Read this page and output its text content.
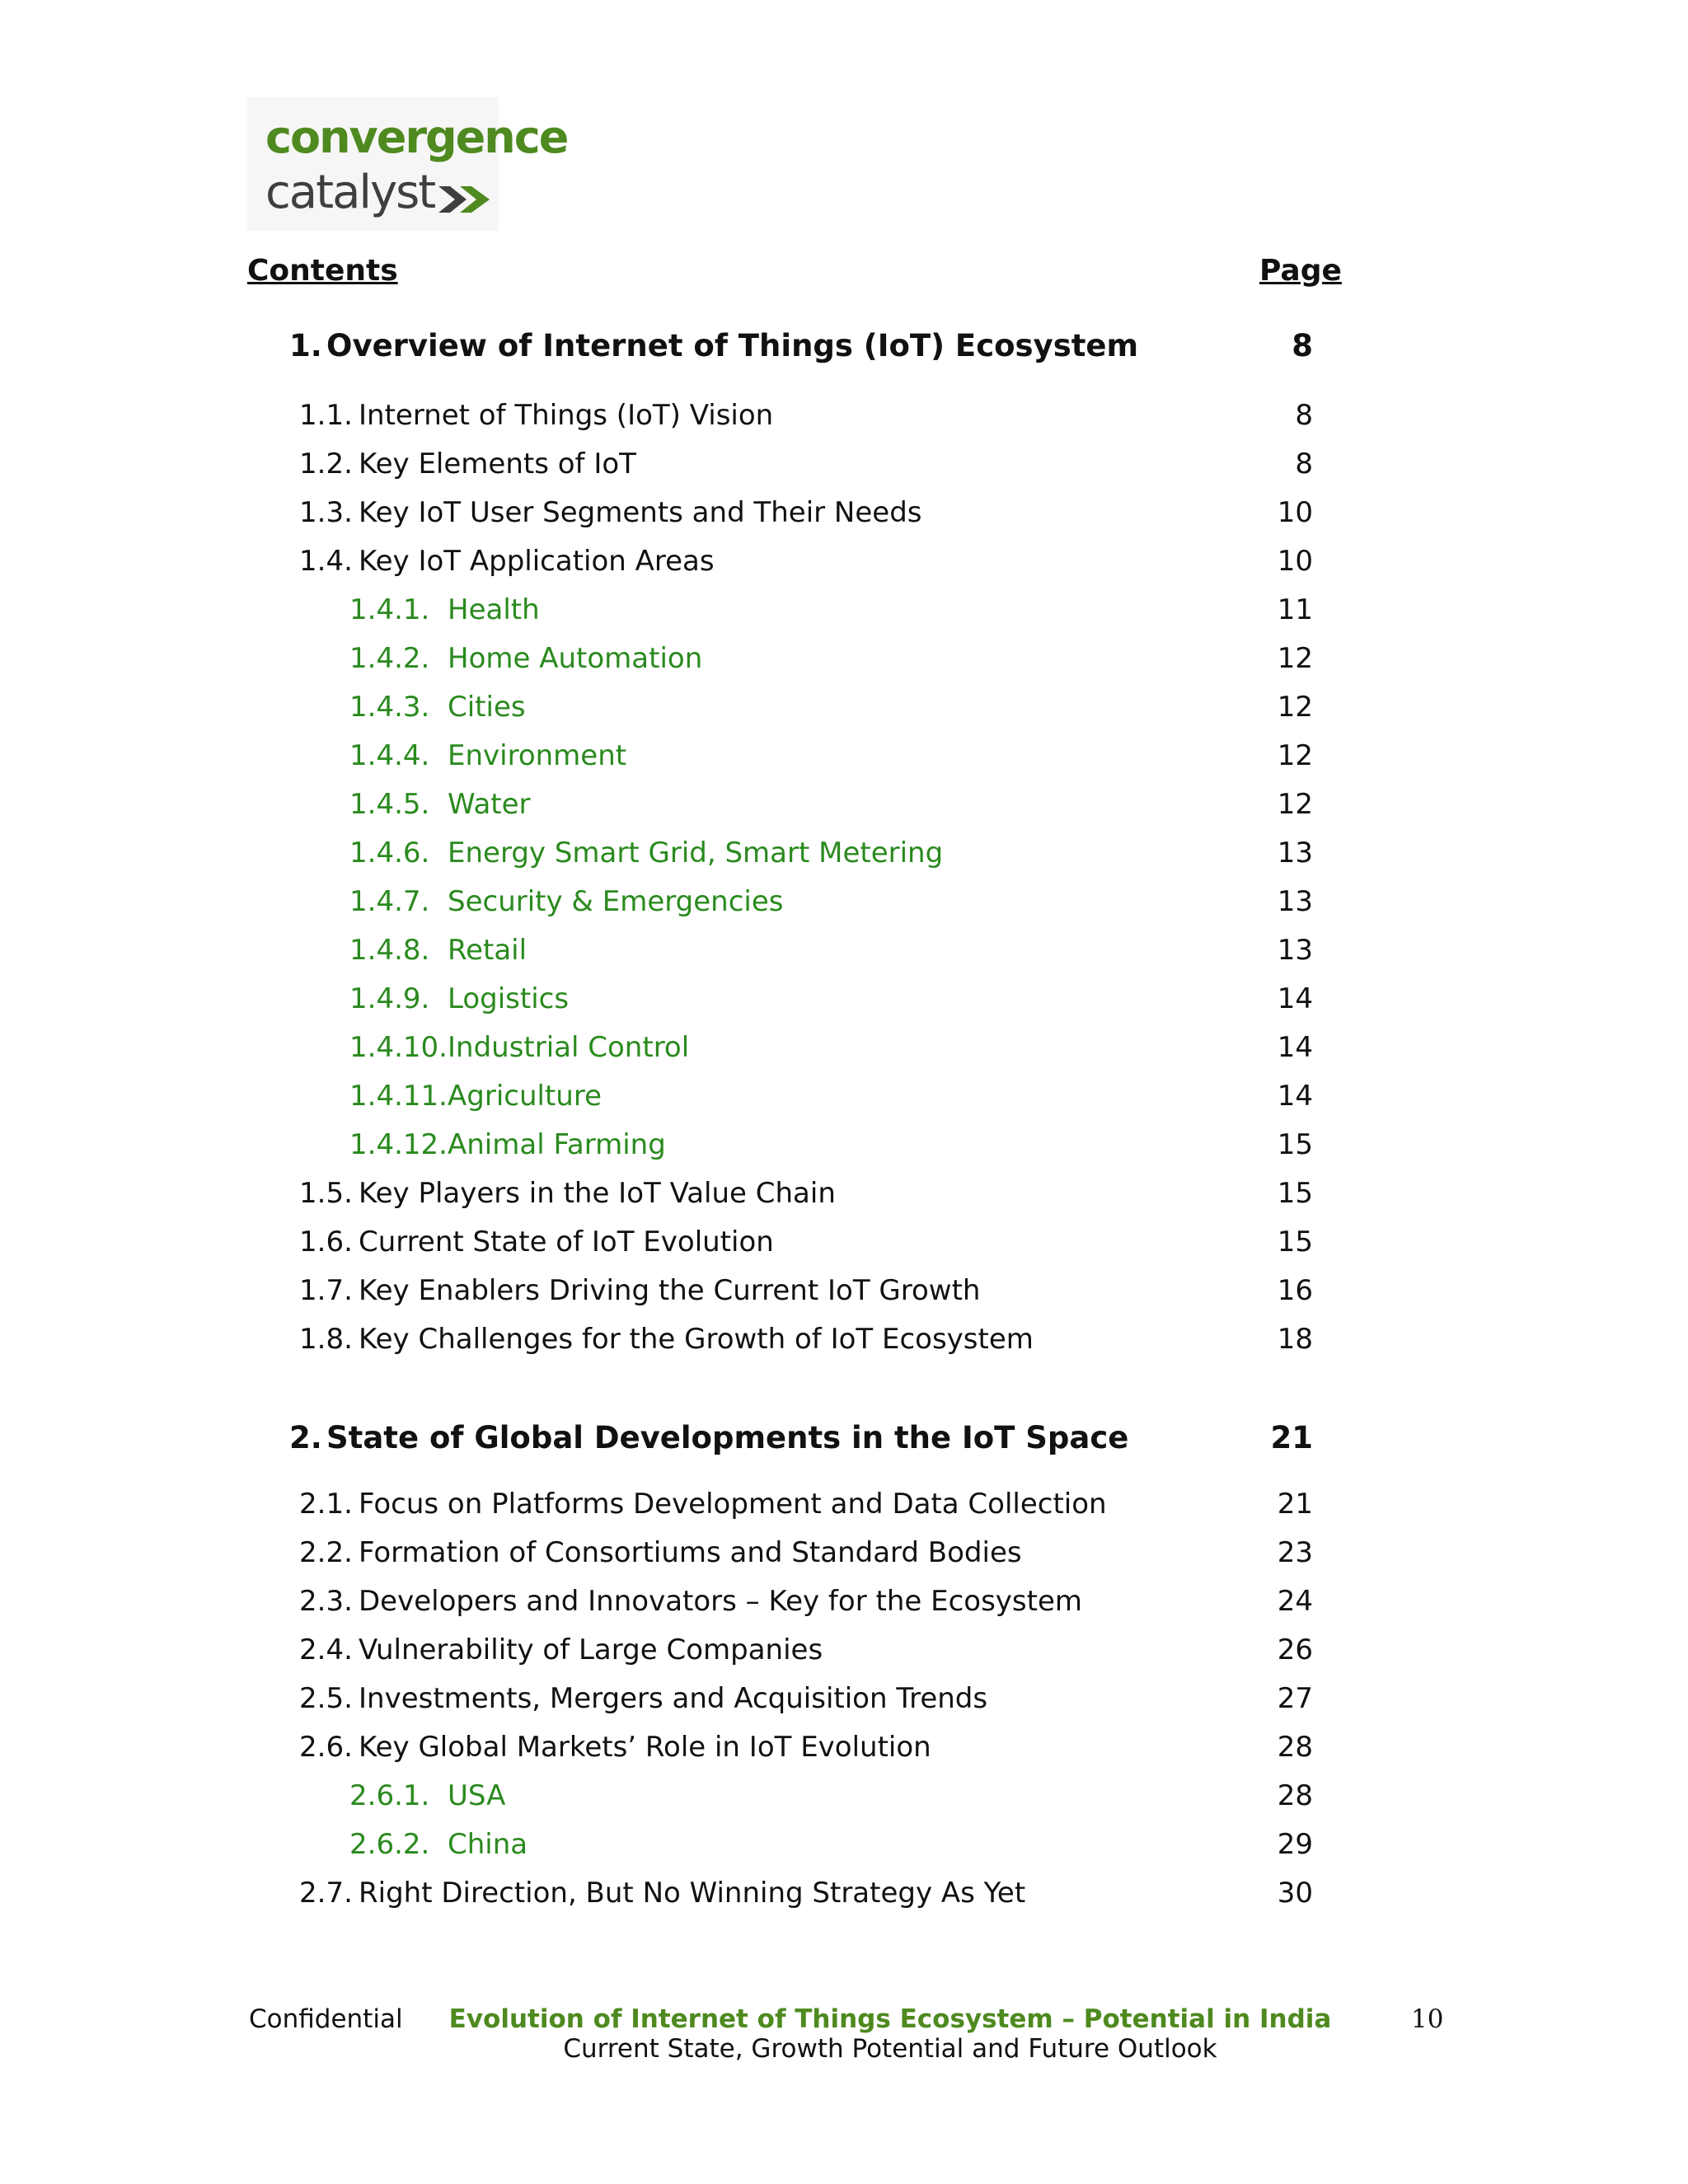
convergence
catalyst
Contents	Page
1. Overview of Internet of Things (IoT) Ecosystem	8
1.1. Internet of Things (IoT) Vision	8
1.2. Key Elements of IoT	8
1.3. Key IoT User Segments and Their Needs	10
1.4. Key IoT Application Areas	10
1.4.1. Health	11
1.4.2. Home Automation	12
1.4.3. Cities	12
1.4.4. Environment	12
1.4.5. Water	12
1.4.6. Energy Smart Grid, Smart Metering	13
1.4.7. Security & Emergencies	13
1.4.8. Retail	13
1.4.9. Logistics	14
1.4.10. Industrial Control	14
1.4.11. Agriculture	14
1.4.12. Animal Farming	15
1.5. Key Players in the IoT Value Chain	15
1.6. Current State of IoT Evolution	15
1.7. Key Enablers Driving the Current IoT Growth	16
1.8. Key Challenges for the Growth of IoT Ecosystem	18
2. State of Global Developments in the IoT Space	21
2.1. Focus on Platforms Development and Data Collection	21
2.2. Formation of Consortiums and Standard Bodies	23
2.3. Developers and Innovators – Key for the Ecosystem	24
2.4. Vulnerability of Large Companies	26
2.5. Investments, Mergers and Acquisition Trends	27
2.6. Key Global Markets’ Role in IoT Evolution	28
2.6.1. USA	28
2.6.2. China	29
2.7. Right Direction, But No Winning Strategy As Yet	30
Confidential	Evolution of Internet of Things Ecosystem – Potential in India
Current State, Growth Potential and Future Outlook
10
